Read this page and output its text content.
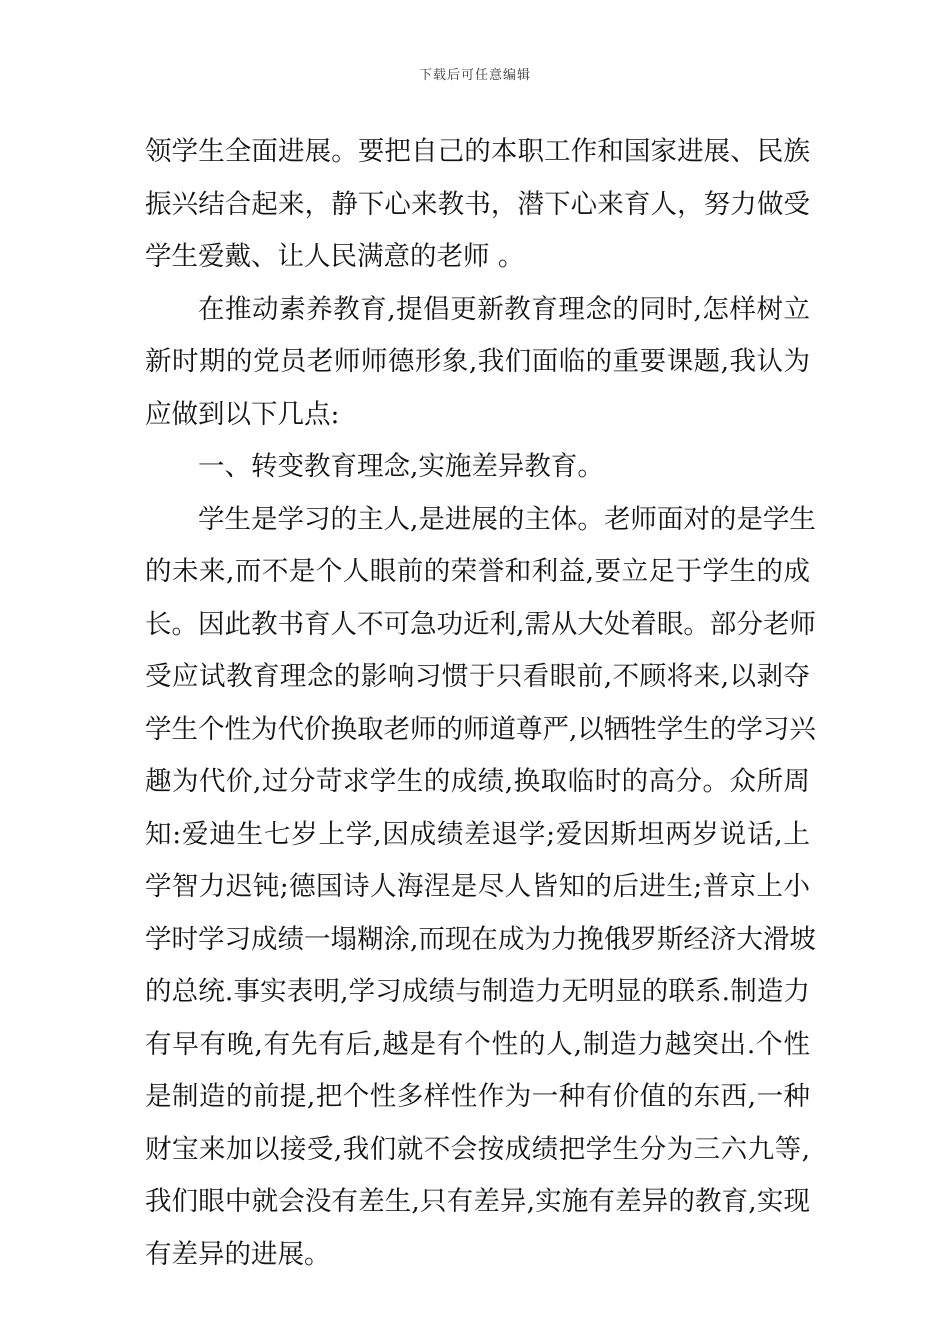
下载后可任意编辑
领学生全面进展。要把自己的本职工作和国家进展、民族
振兴结合起来，静下心来教书，潜下心来育人，努力做受
学生爱戴、让人民满意的老师 。
在推动素养教育,提倡更新教育理念的同时,怎样树立
新时期的党员老师师德形象,我们面临的重要课题,我认为
应做到以下几点:
一、转变教育理念,实施差异教育。
学生是学习的主人,是进展的主体。老师面对的是学生
的未来,而不是个人眼前的荣誉和利益,要立足于学生的成
长。因此教书育人不可急功近利,需从大处着眼。部分老师
受应试教育理念的影响习惯于只看眼前,不顾将来,以剥夺
学生个性为代价换取老师的师道尊严,以牺牲学生的学习兴
趣为代价,过分苛求学生的成绩,换取临时的高分。众所周
知:爱迪生七岁上学,因成绩差退学;爱因斯坦两岁说话,上
学智力迟钝;德国诗人海涅是尽人皆知的后进生;普京上小
学时学习成绩一塌糊涂,而现在成为力挽俄罗斯经济大滑坡
的总统.事实表明,学习成绩与制造力无明显的联系.制造力
有早有晚,有先有后,越是有个性的人,制造力越突出.个性
是制造的前提,把个性多样性作为一种有价值的东西,一种
财宝来加以接受,我们就不会按成绩把学生分为三六九等,
我们眼中就会没有差生,只有差异,实施有差异的教育,实现
有差异的进展。
